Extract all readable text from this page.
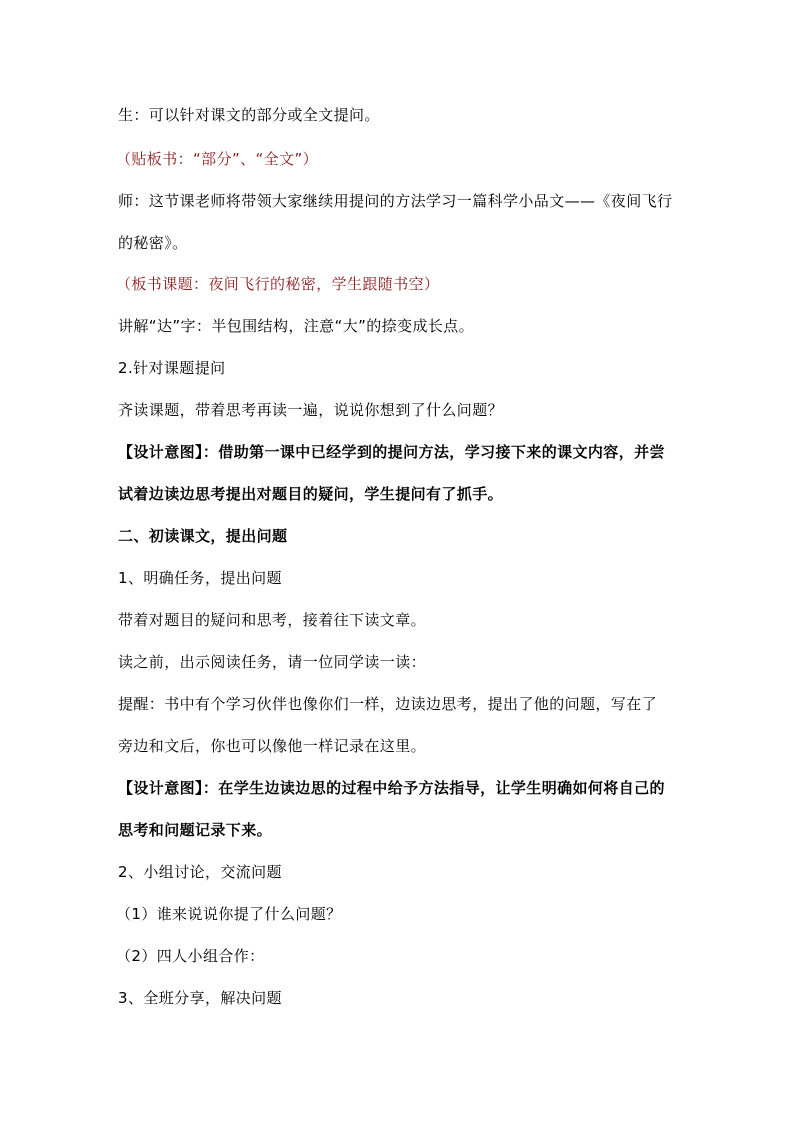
生：可以针对课文的部分或全文提问。

（贴板书：“部分”、“全文”）

师：这节课老师将带领大家继续用提问的方法学习一篇科学小品文——《夜间飞行

的秘密》。

（板书课题：夜间飞行的秘密，学生跟随书空）

讲解“达”字：半包围结构，注意“大”的捺变成长点。

2.针对课题提问

齐读课题，带着思考再读一遍，说说你想到了什么问题？

【设计意图】：借助第一课中已经学到的提问方法，学习接下来的课文内容，并尝

试着边读边思考提出对题目的疑问，学生提问有了抓手。

二、初读课文，提出问题

1、明确任务，提出问题

带着对题目的疑问和思考，接着往下读文章。

读之前，出示阅读任务，请一位同学读一读：

提醒：书中有个学习伙伴也像你们一样，边读边思考，提出了他的问题，写在了

旁边和文后，你也可以像他一样记录在这里。

【设计意图】：在学生边读边思的过程中给予方法指导，让学生明确如何将自己的

思考和问题记录下来。

2、小组讨论，交流问题

（1）谁来说说你提了什么问题？

（2）四人小组合作：

3、全班分享，解决问题
